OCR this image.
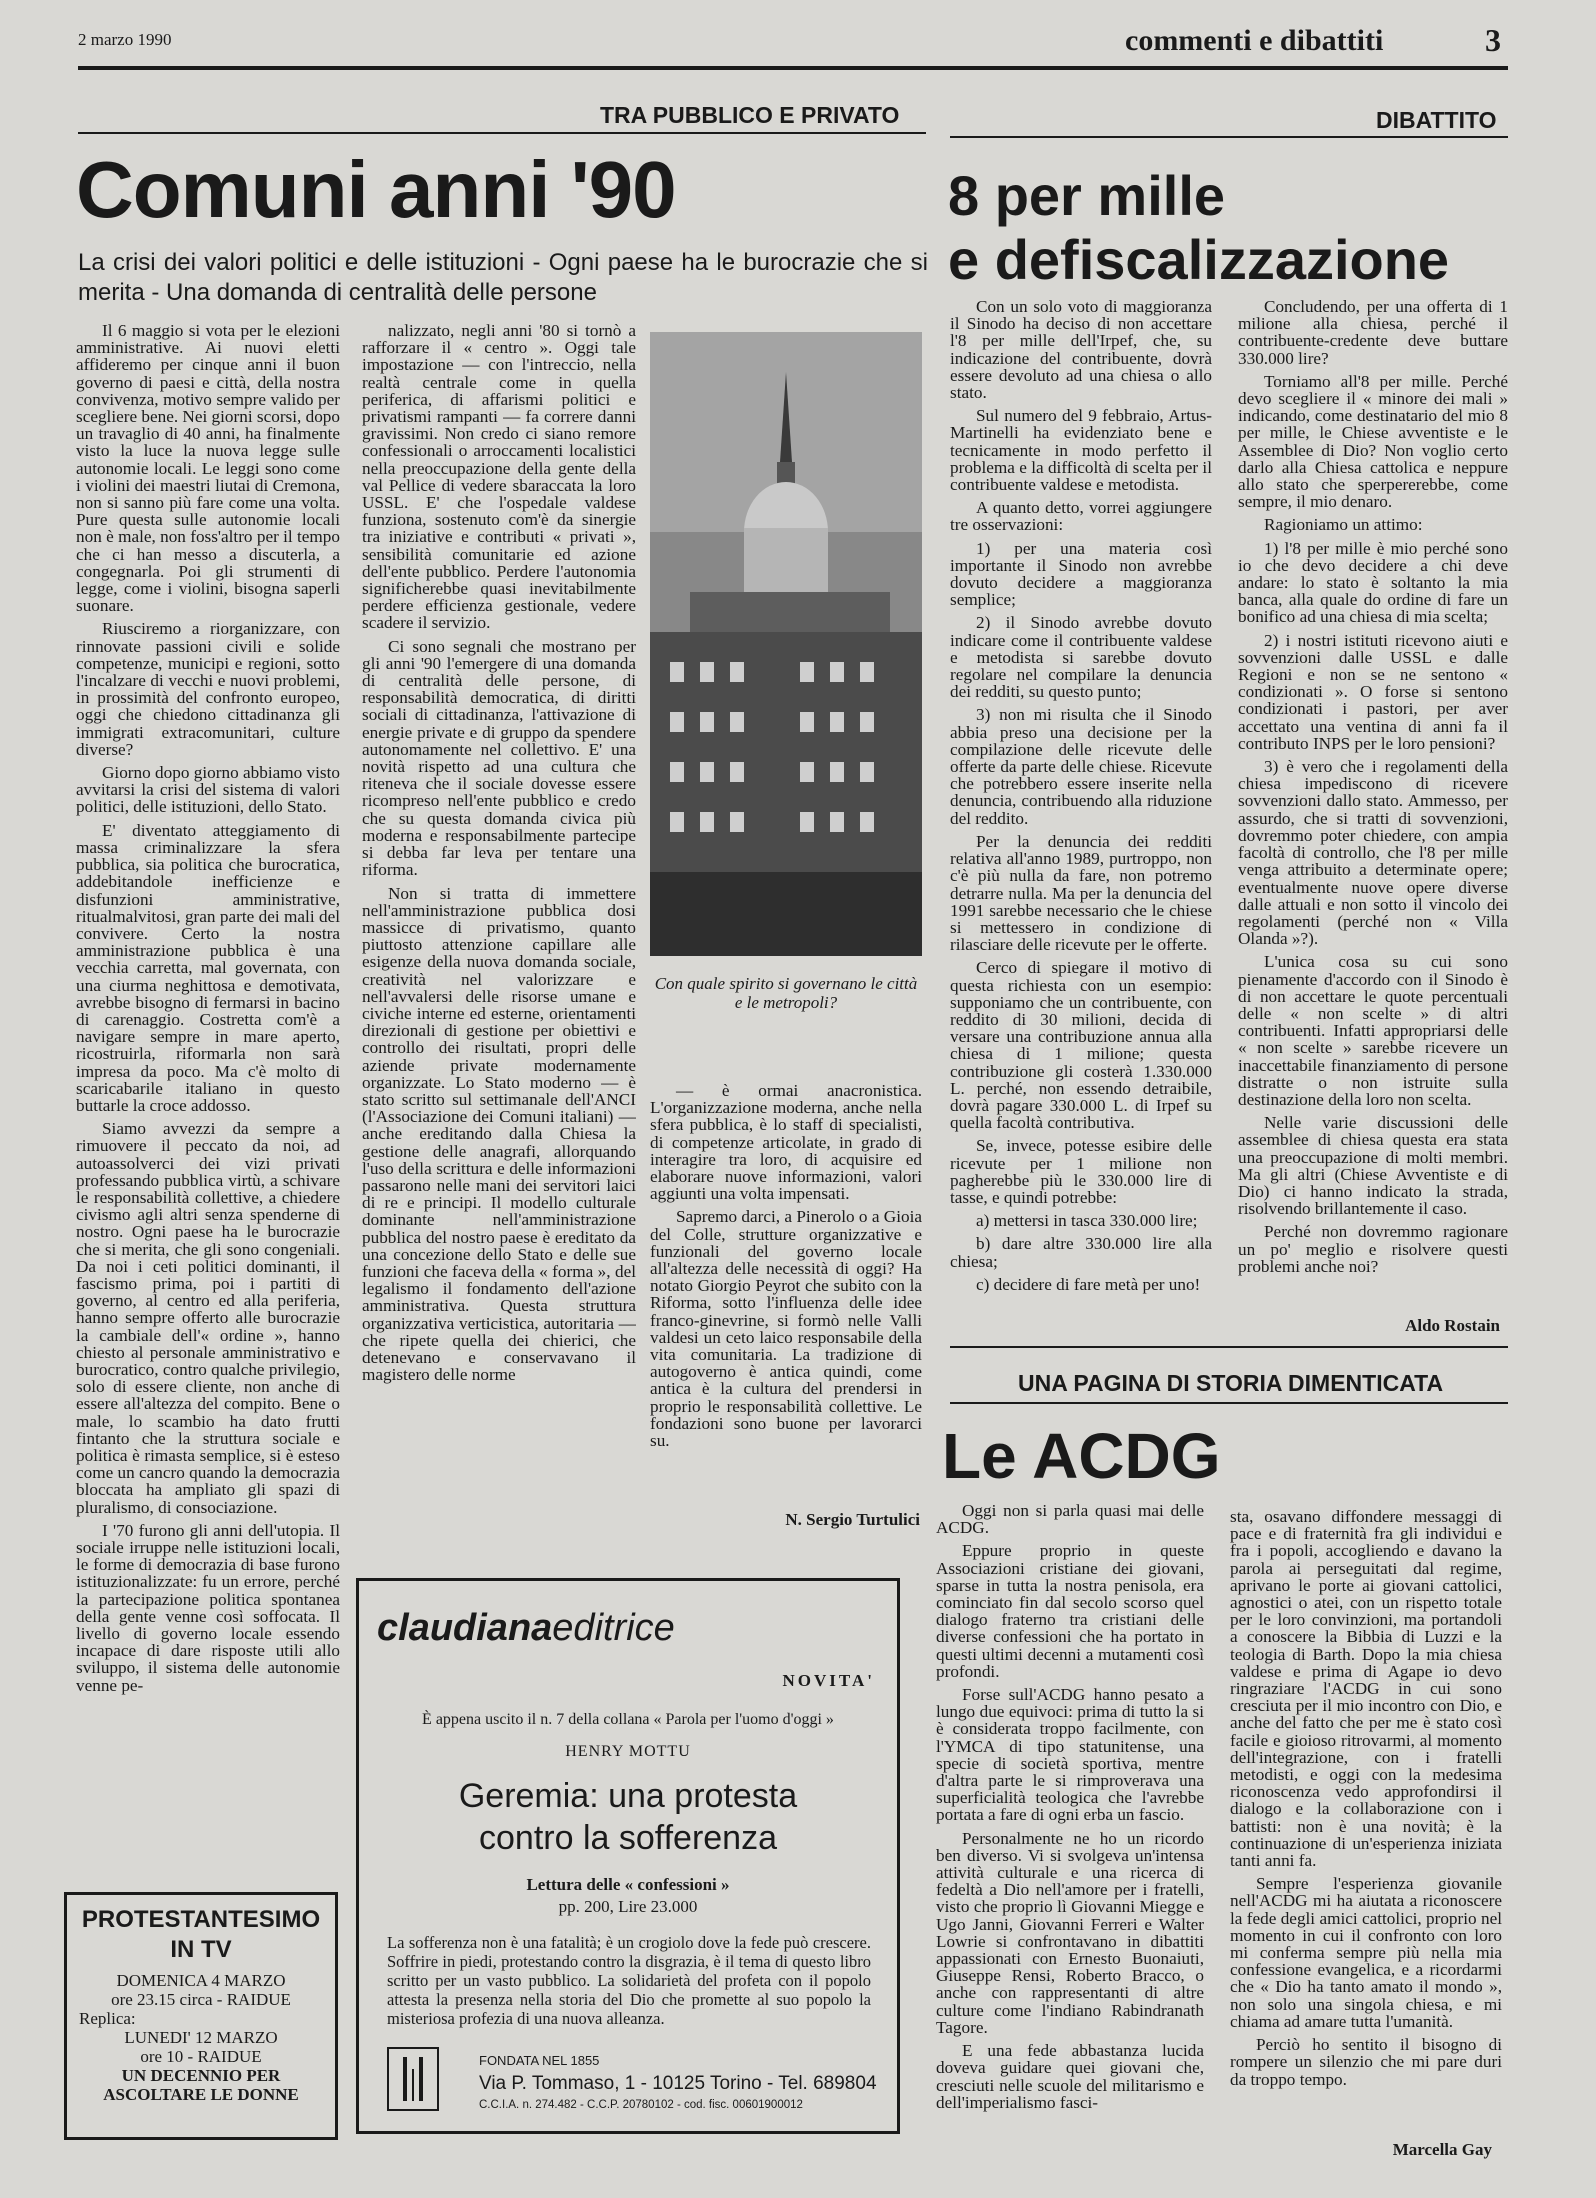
2 marzo 1990	commenti e dibattiti	3
TRA PUBBLICO E PRIVATO
Comuni anni '90
La crisi dei valori politici e delle istituzioni - Ogni paese ha le burocrazie che si merita - Una domanda di centralità delle persone

Il 6 maggio si vota per le elezioni amministrative. Ai nuovi eletti affideremo per cinque anni il buon governo di paesi e città, della nostra convivenza, motivo sempre valido per scegliere bene. Nei giorni scorsi, dopo un travaglio di 40 anni, ha finalmente visto la luce la nuova legge sulle autonomie locali. Le leggi sono come i violini dei maestri liutai di Cremona, non si sanno più fare come una volta. Pure questa sulle autonomie locali non è male, non foss'altro per il tempo che ci han messo a discuterla, a congegnarla. Poi gli strumenti di legge, come i violini, bisogna saperli suonare.

Riusciremo a riorganizzare, con rinnovate passioni civili e solide competenze, municipi e regioni, sotto l'incalzare di vecchi e nuovi problemi, in prossimità del confronto europeo, oggi che chiedono cittadinanza gli immigrati extracomunitari, culture diverse?

Giorno dopo giorno abbiamo visto avvitarsi la crisi del sistema di valori politici, delle istituzioni, dello Stato.

E' diventato atteggiamento di massa criminalizzare la sfera pubblica, sia politica che burocratica, addebitandole inefficienze e disfunzioni amministrative, ritualmalvitosi, gran parte dei mali del convivere. Certo la nostra amministrazione pubblica è una vecchia carretta, mal governata, con una ciurma neghittosa e demotivata, avrebbe bisogno di fermarsi in bacino di carenaggio. Costretta com'è a navigare sempre in mare aperto, ricostruirla, riformarla non sarà impresa da poco. Ma c'è molto di scaricabarile italiano in questo buttarle la croce addosso.

Siamo avvezzi da sempre a rimuovere il peccato da noi, ad autoassolverci dei vizi privati professando pubblica virtù, a schivare le responsabilità collettive, a chiedere civismo agli altri senza spenderne di nostro. Ogni paese ha le burocrazie che si merita, che gli sono congeniali. Da noi i ceti politici dominanti, il fascismo prima, poi i partiti di governo, al centro ed alla periferia, hanno sempre offerto alle burocrazie la cambiale dell'« ordine », hanno chiesto al personale amministrativo e burocratico, contro qualche privilegio, solo di essere cliente, non anche di essere all'altezza del compito. Bene o male, lo scambio ha dato frutti fintanto che la struttura sociale e politica è rimasta semplice, si è esteso come un cancro quando la democrazia bloccata ha ampliato gli spazi di pluralismo, di consociazione.

I '70 furono gli anni dell'utopia. Il sociale irruppe nelle istituzioni locali, le forme di democrazia di base furono istituzionalizzate: fu un errore, perché la partecipazione politica spontanea della gente venne così soffocata. Il livello di governo locale essendo incapace di dare risposte utili allo sviluppo, il sistema delle autonomie venne pe-

nalizzato, negli anni '80 si tornò a rafforzare il « centro ». Oggi tale impostazione — con l'intreccio, nella realtà centrale come in quella periferica, di affarismi politici e privatismi rampanti — fa correre danni gravissimi. Non credo ci siano remore confessionali o arroccamenti localistici nella preoccupazione della gente della val Pellice di vedere sbaraccata la loro USSL. E' che l'ospedale valdese funziona, sostenuto com'è da sinergie tra iniziative e contributi « privati », sensibilità comunitarie ed azione dell'ente pubblico. Perdere l'autonomia significherebbe quasi inevitabilmente perdere efficienza gestionale, vedere scadere il servizio.

Ci sono segnali che mostrano per gli anni '90 l'emergere di una domanda di centralità delle persone, di responsabilità democratica, di diritti sociali di cittadinanza, l'attivazione di energie private e di gruppo da spendere autonomamente nel collettivo. E' una novità rispetto ad una cultura che riteneva che il sociale dovesse essere ricompreso nell'ente pubblico e credo che su questa domanda civica più moderna e responsabilmente partecipe si debba far leva per tentare una riforma.

Non si tratta di immettere nell'amministrazione pubblica dosi massicce di privatismo, quanto piuttosto attenzione capillare alle esigenze della nuova domanda sociale, creatività nel valorizzare e nell'avvalersi delle risorse umane e civiche interne ed esterne, orientamenti direzionali di gestione per obiettivi e controllo dei risultati, propri delle aziende private modernamente organizzate. Lo Stato moderno — è stato scritto sul settimanale dell'ANCI (l'Associazione dei Comuni italiani) — anche ereditando dalla Chiesa la gestione delle anagrafi, allorquando l'uso della scrittura e delle informazioni passarono nelle mani dei servitori laici di re e principi. Il modello culturale dominante nell'amministrazione pubblica del nostro paese è ereditato da una concezione dello Stato e delle sue funzioni che faceva della « forma », del legalismo il fondamento dell'azione amministrativa. Questa struttura organizzativa verticistica, autoritaria — che ripete quella dei chierici, che detenevano e conservavano il magistero delle norme

Con quale spirito si governano le città e le metropoli?

— è ormai anacronistica. L'organizzazione moderna, anche nella sfera pubblica, è lo staff di specialisti, di competenze articolate, in grado di interagire tra loro, di acquisire ed elaborare nuove informazioni, valori aggiunti una volta impensati.

Sapremo darci, a Pinerolo o a Gioia del Colle, strutture organizzative e funzionali del governo locale all'altezza delle necessità di oggi? Ha notato Giorgio Peyrot che subito con la Riforma, sotto l'influenza delle idee franco-ginevrine, si formò nelle Valli valdesi un ceto laico responsabile della vita comunitaria. La tradizione di autogoverno è antica quindi, come antica è la cultura del prendersi in proprio le responsabilità collettive. Le fondazioni sono buone per lavorarci su.

N. Sergio Turtulici
PROTESTANTESIMO IN TV
DOMENICA 4 MARZO
ore 23.15 circa - RAIDUE
Replica:
LUNEDI' 12 MARZO
ore 10 - RAIDUE
UN DECENNIO PER
ASCOLTARE LE DONNE
claudianaeditrice
NOVITA'
È appena uscito il n. 7 della collana « Parola per l'uomo d'oggi »
HENRY MOTTU
Geremia: una protesta
contro la sofferenza
Lettura delle « confessioni »
pp. 200, Lire 23.000
La sofferenza non è una fatalità; è un crogiolo dove la fede può crescere. Soffrire in piedi, protestando contro la disgrazia, è il tema di questo libro scritto per un vasto pubblico. La solidarietà del profeta con il popolo attesta la presenza nella storia del Dio che promette al suo popolo la misteriosa profezia di una nuova alleanza.
FONDATA NEL 1855
Via P. Tommaso, 1 - 10125 Torino - Tel. 689804
C.C.I.A. n. 274.482 - C.C.P. 20780102 - cod. fisc. 00601900012
DIBATTITO
8 per mille
e defiscalizzazione

Con un solo voto di maggioranza il Sinodo ha deciso di non accettare l'8 per mille dell'Irpef, che, su indicazione del contribuente, dovrà essere devoluto ad una chiesa o allo stato.

Sul numero del 9 febbraio, Artus-Martinelli ha evidenziato bene e tecnicamente in modo perfetto il problema e la difficoltà di scelta per il contribuente valdese e metodista.

A quanto detto, vorrei aggiungere tre osservazioni:

1) per una materia così importante il Sinodo non avrebbe dovuto decidere a maggioranza semplice;

2) il Sinodo avrebbe dovuto indicare come il contribuente valdese e metodista si sarebbe dovuto regolare nel compilare la denuncia dei redditi, su questo punto;

3) non mi risulta che il Sinodo abbia preso una decisione per la compilazione delle ricevute delle offerte da parte delle chiese. Ricevute che potrebbero essere inserite nella denuncia, contribuendo alla riduzione del reddito.

Per la denuncia dei redditi relativa all'anno 1989, purtroppo, non c'è più nulla da fare, non potremo detrarre nulla. Ma per la denuncia del 1991 sarebbe necessario che le chiese si mettessero in condizione di rilasciare delle ricevute per le offerte.

Cerco di spiegare il motivo di questa richiesta con un esempio: supponiamo che un contribuente, con reddito di 30 milioni, decida di versare una contribuzione annua alla chiesa di 1 milione; questa contribuzione gli costerà 1.330.000 L. perché, non essendo detraibile, dovrà pagare 330.000 L. di Irpef su quella facoltà contributiva.

Se, invece, potesse esibire delle ricevute per 1 milione non pagherebbe più le 330.000 lire di tasse, e quindi potrebbe:

a) mettersi in tasca 330.000 lire;

b) dare altre 330.000 lire alla chiesa;

c) decidere di fare metà per uno!

Concludendo, per una offerta di 1 milione alla chiesa, perché il contribuente-credente deve buttare 330.000 lire?

Torniamo all'8 per mille. Perché devo scegliere il « minore dei mali » indicando, come destinatario del mio 8 per mille, le Chiese avventiste e le Assemblee di Dio? Non voglio certo darlo alla Chiesa cattolica e neppure allo stato che sperpererebbe, come sempre, il mio denaro.

Ragioniamo un attimo:

1) l'8 per mille è mio perché sono io che devo decidere a chi deve andare: lo stato è soltanto la mia banca, alla quale do ordine di fare un bonifico ad una chiesa di mia scelta;

2) i nostri istituti ricevono aiuti e sovvenzioni dalle USSL e dalle Regioni e non se ne sentono « condizionati ». O forse si sentono condizionati i pastori, per aver accettato una ventina di anni fa il contributo INPS per le loro pensioni?

3) è vero che i regolamenti della chiesa impediscono di ricevere sovvenzioni dallo stato. Ammesso, per assurdo, che si tratti di sovvenzioni, dovremmo poter chiedere, con ampia facoltà di controllo, che l'8 per mille venga attribuito a determinate opere; eventualmente nuove opere diverse dalle attuali e non sotto il vincolo dei regolamenti (perché non « Villa Olanda »?).

L'unica cosa su cui sono pienamente d'accordo con il Sinodo è di non accettare le quote percentuali delle « non scelte » di altri contribuenti. Infatti appropriarsi delle « non scelte » sarebbe ricevere un inaccettabile finanziamento di persone distratte o non istruite sulla destinazione della loro non scelta.

Nelle varie discussioni delle assemblee di chiesa questa era stata una preoccupazione di molti membri. Ma gli altri (Chiese Avventiste e di Dio) ci hanno indicato la strada, risolvendo brillantemente il caso.

Perché non dovremmo ragionare un po' meglio e risolvere questi problemi anche noi?

Aldo Rostain
UNA PAGINA DI STORIA DIMENTICATA
Le ACDG

Oggi non si parla quasi mai delle ACDG.

Eppure proprio in queste Associazioni cristiane dei giovani, sparse in tutta la nostra penisola, era cominciato fin dal secolo scorso quel dialogo fraterno tra cristiani delle diverse confessioni che ha portato in questi ultimi decenni a mutamenti così profondi.

Forse sull'ACDG hanno pesato a lungo due equivoci: prima di tutto la si è considerata troppo facilmente, con l'YMCA di tipo statunitense, una specie di società sportiva, mentre d'altra parte le si rimproverava una superficialità teologica che l'avrebbe portata a fare di ogni erba un fascio.

Personalmente ne ho un ricordo ben diverso. Vi si svolgeva un'intensa attività culturale e una ricerca di fedeltà a Dio nell'amore per i fratelli, visto che proprio lì Giovanni Miegge e Ugo Janni, Giovanni Ferreri e Walter Lowrie si confrontavano in dibattiti appassionati con Ernesto Buonaiuti, Giuseppe Rensi, Roberto Bracco, o anche con rappresentanti di altre culture come l'indiano Rabindranath Tagore.

E una fede abbastanza lucida doveva guidare quei giovani che, cresciuti nelle scuole del militarismo e dell'imperialismo fasci-

sta, osavano diffondere messaggi di pace e di fraternità fra gli individui e fra i popoli, accogliendo e davano la parola ai perseguitati dal regime, aprivano le porte ai giovani cattolici, agnostici o atei, con un rispetto totale per le loro convinzioni, ma portandoli a conoscere la Bibbia di Luzzi e la teologia di Barth. Dopo la mia chiesa valdese e prima di Agape io devo ringraziare l'ACDG in cui sono cresciuta per il mio incontro con Dio, e anche del fatto che per me è stato così facile e gioioso ritrovarmi, al momento dell'integrazione, con i fratelli metodisti, e oggi con la medesima riconoscenza vedo approfondirsi il dialogo e la collaborazione con i battisti: non è una novità; è la continuazione di un'esperienza iniziata tanti anni fa.

Sempre l'esperienza giovanile nell'ACDG mi ha aiutata a riconoscere la fede degli amici cattolici, proprio nel momento in cui il confronto con loro mi conferma sempre più nella mia confessione evangelica, e a ricordarmi che « Dio ha tanto amato il mondo », non solo una singola chiesa, e mi chiama ad amare tutta l'umanità.

Perciò ho sentito il bisogno di rompere un silenzio che mi pare duri da troppo tempo.

Marcella Gay
